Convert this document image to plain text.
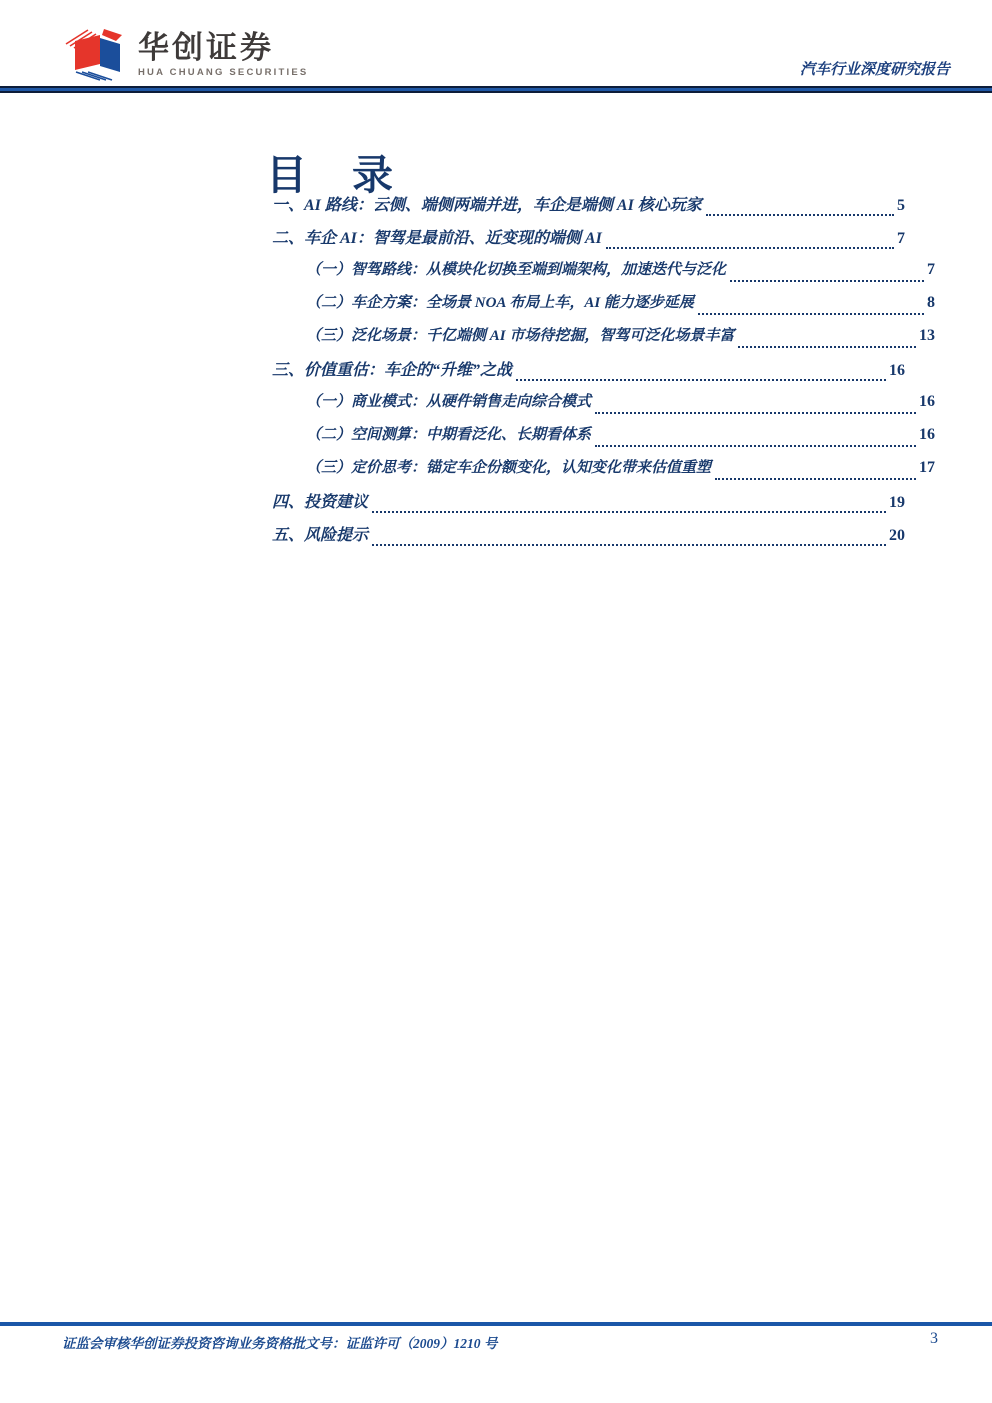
华创证券
HUA CHUANG SECURITIES	汽车行业深度研究报告
目　录
一、AI 路线：云侧、端侧两端并进，车企是端侧 AI 核心玩家	5
二、车企 AI：智驾是最前沿、近变现的端侧 AI	7
（一）智驾路线：从模块化切换至端到端架构，加速迭代与泛化	7
（二）车企方案：全场景 NOA 布局上车，AI 能力逐步延展	8
（三）泛化场景：千亿端侧 AI 市场待挖掘，智驾可泛化场景丰富	13
三、价值重估：车企的“升维”之战	16
（一）商业模式：从硬件销售走向综合模式	16
（二）空间测算：中期看泛化、长期看体系	16
（三）定价思考：锚定车企份额变化，认知变化带来估值重塑	17
四、投资建议	19
五、风险提示	20
证监会审核华创证券投资咨询业务资格批文号：证监许可（2009）1210 号	3
